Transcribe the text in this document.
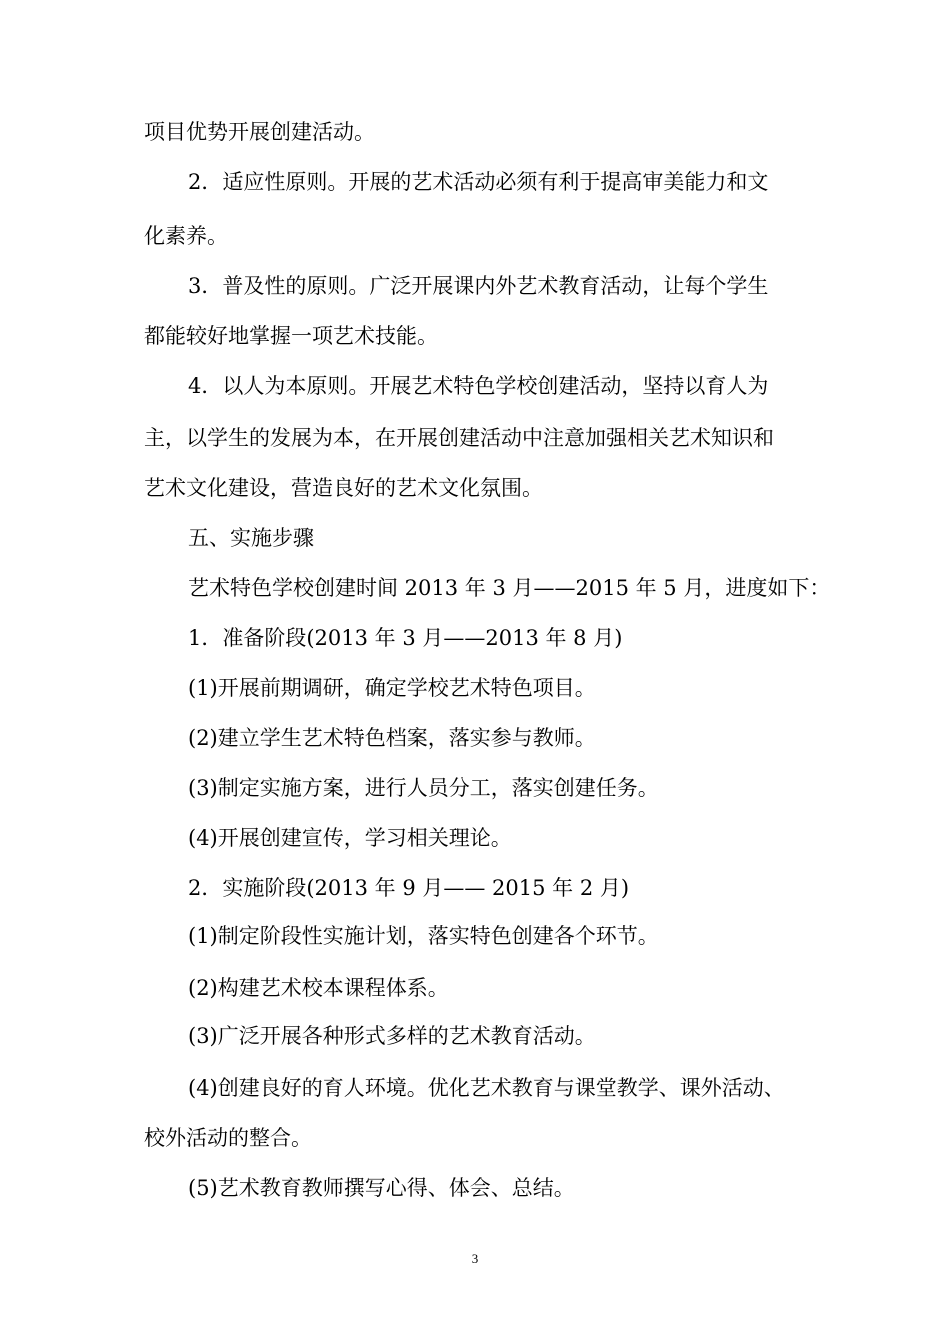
项目优势开展创建活动。
2．适应性原则。开展的艺术活动必须有利于提高审美能力和文
化素养。
3．普及性的原则。广泛开展课内外艺术教育活动，让每个学生
都能较好地掌握一项艺术技能。
4．以人为本原则。开展艺术特色学校创建活动，坚持以育人为
主，以学生的发展为本，在开展创建活动中注意加强相关艺术知识和
艺术文化建设，营造良好的艺术文化氛围。
五、实施步骤
艺术特色学校创建时间 2013 年 3 月——2015 年 5 月，进度如下：
1．准备阶段(2013 年 3 月——2013 年 8 月)
(1)开展前期调研，确定学校艺术特色项目。
(2)建立学生艺术特色档案，落实参与教师。
(3)制定实施方案，进行人员分工，落实创建任务。
(4)开展创建宣传，学习相关理论。
2．实施阶段(2013 年 9 月—— 2015 年 2 月)
(1)制定阶段性实施计划，落实特色创建各个环节。
(2)构建艺术校本课程体系。
(3)广泛开展各种形式多样的艺术教育活动。
(4)创建良好的育人环境。优化艺术教育与课堂教学、课外活动、
校外活动的整合。
(5)艺术教育教师撰写心得、体会、总结。
3
